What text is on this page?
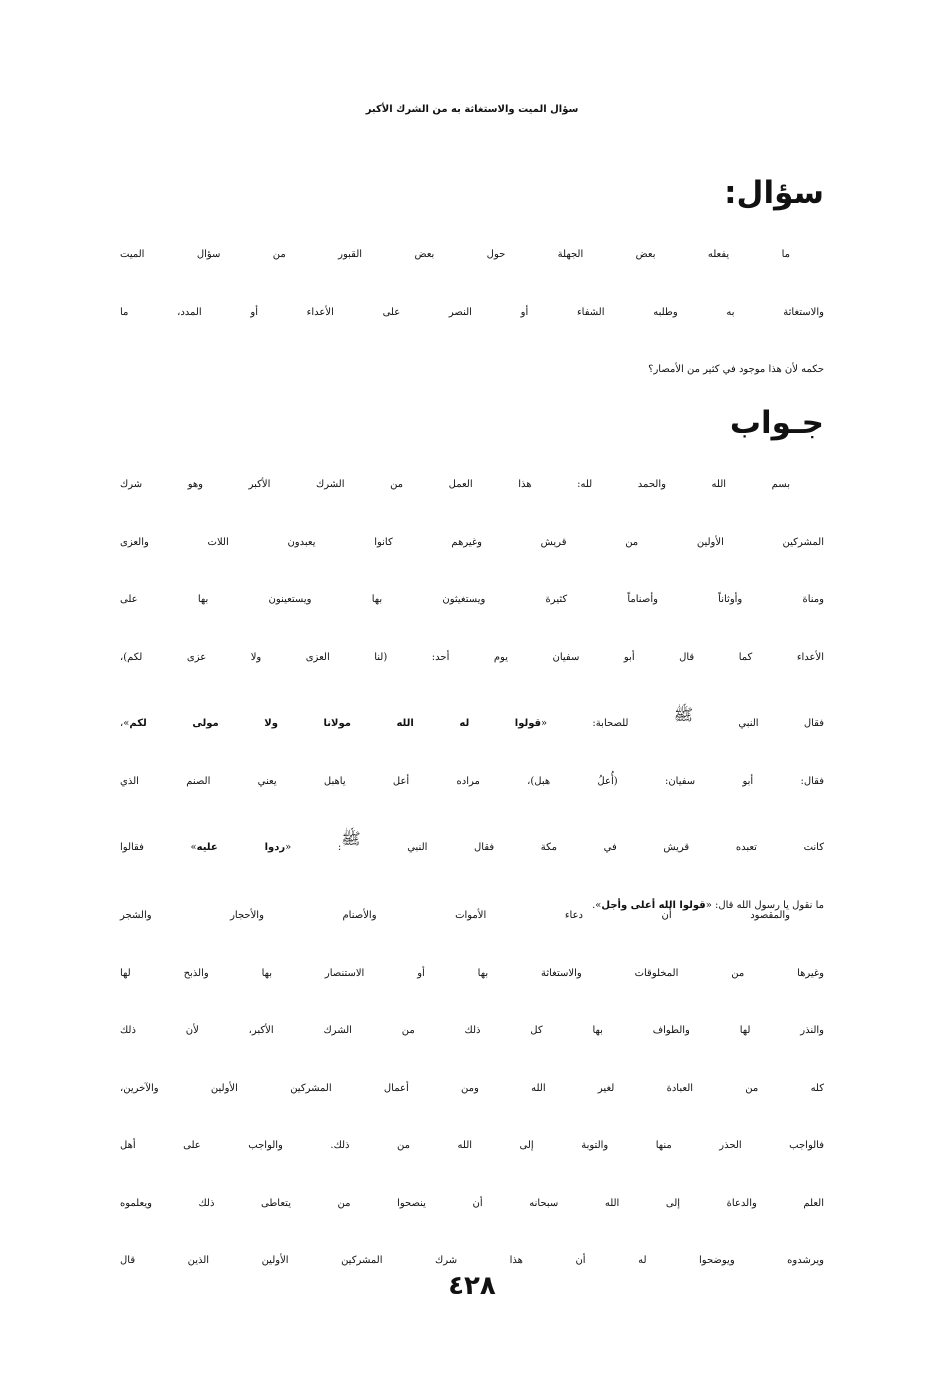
سؤال الميت والاستغاثة به من الشرك الأكبر
سؤال:

ما يفعله بعض الجهلة حول بعض القبور من سؤال الميت
والاستغاثة به وطلبه الشفاء أو النصر على الأعداء أو المدد، ما
حكمه لأن هذا موجود في كثير من الأمصار؟

جـواب

بسم الله والحمد لله: هذا العمل من الشرك الأكبر وهو شرك
المشركين الأولين من قريش وغيرهم كانوا يعبدون اللات والعزى
ومناة وأوثاناً وأصناماً كثيرة ويستغيثون بها ويستعينون بها على
الأعداء كما قال أبو سفيان يوم أحد: (لنا العزى ولا عزى لكم)،
فقال النبي ﷺ للصحابة: «قولوا له الله مولانا ولا مولى لكم»،
فقال: أبو سفيان: (أُعلُ هبل)، مراده أعل ياهبل يعني الصنم الذي
كانت تعبده قريش في مكة فقال النبي ﷺ: «ردوا عليه» فقالوا
ما نقول يا رسول الله قال: «قولوا الله أعلى وأجل».

والمقصود أن دعاء الأموات والأصنام والأحجار والشجر
وغيرها من المخلوقات والاستغاثة بها أو الاستنصار بها والذبح لها
والنذر لها والطواف بها كل ذلك من الشرك الأكبر، لأن ذلك
كله من العبادة لغير الله ومن أعمال المشركين الأولين والآخرين،
فالواجب الحذر منها والتوبة إلى الله من ذلك. والواجب على أهل
العلم والدعاة إلى الله سبحانه أن ينصحوا من يتعاطى ذلك ويعلموه
ويرشدوه ويوضحوا له أن هذا شرك المشركين الأولين الذين قال

٤٢٨
